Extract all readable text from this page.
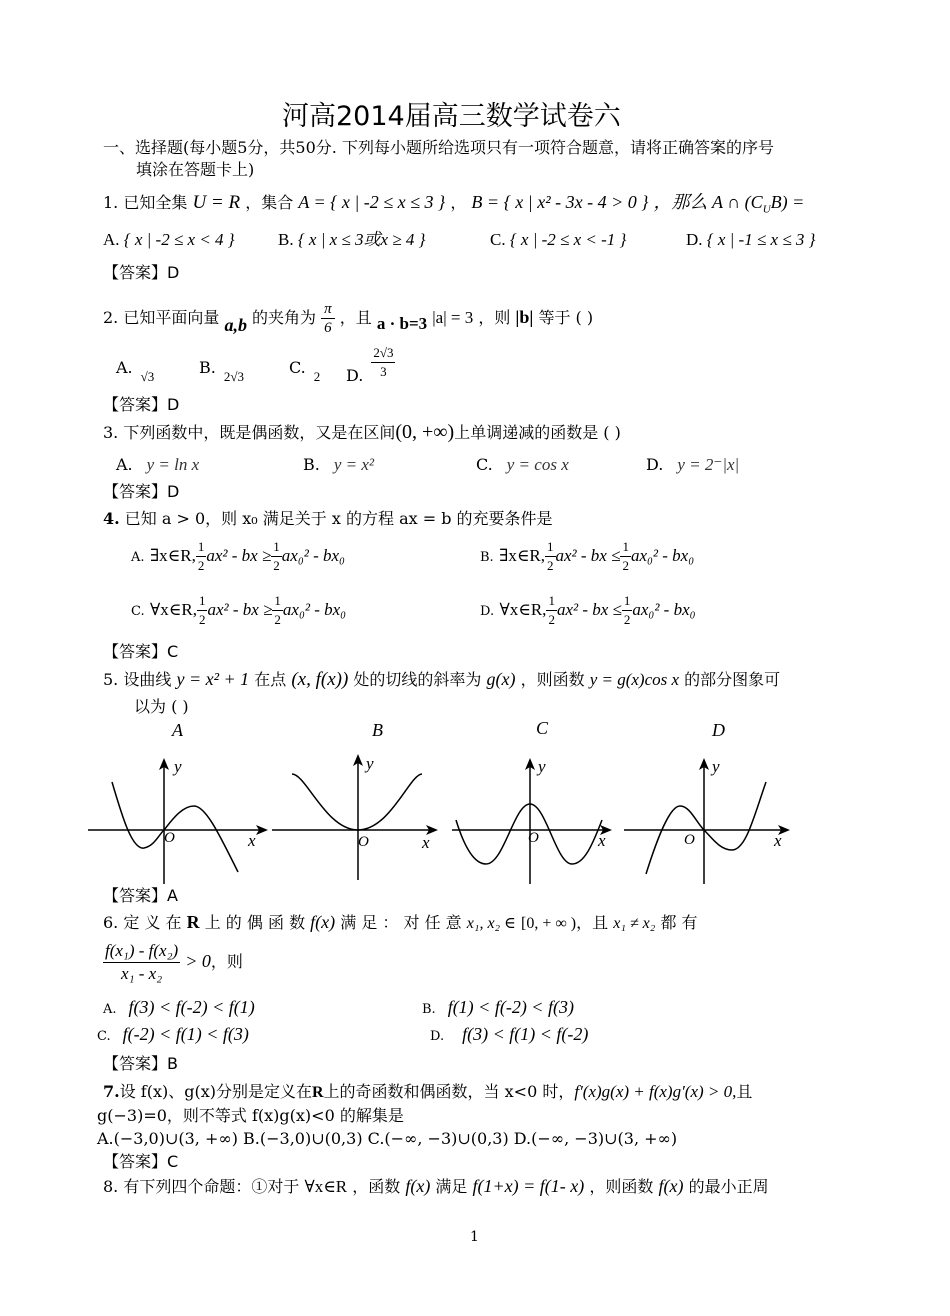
河高2014届高三数学试卷六
一、选择题(每小题5分，共50分. 下列每小题所给选项只有一项符合题意，请将正确答案的序号
填涂在答题卡上)
1. 已知全集 U = R ，集合 A = { x | -2 ≤ x ≤ 3 } ， B = { x | x² - 3x - 4 > 0 } ，那么 A ∩ $(C_UB)$ =
A. { x | -2 ≤ x < 4 }	B. { x | x ≤ 3或x ≥ 4 }	C. { x | -2 ≤ x < -1 }	D. { x | -1 ≤ x ≤ 3 }
【答案】D
2. 已知平面向量 a,b 的夹角为 $\frac{\pi}{6}$ ，且 a · b=3 |a| = 3 ，则 |b| 等于 ( )
A. $_{√3}$	B. $_{2√3}$	C. $_2$ D. $\frac{2√3}{3}$
【答案】D
3. 下列函数中，既是偶函数，又是在区间(0, +∞)上单调递减的函数是 ( )
A. y = ln x	B. y = x²	C. y = cos x	D. y = 2⁻|x|
【答案】D
4. 已知 a > 0，则 x₀ 满足关于 x 的方程 ax = b 的充要条件是
A. ∃x∈R, $\frac{1}{2} ax^2$ - bx ≥ $\frac{1}{2} ax_0^2 - bx_0$	B. ∃x∈R, $\frac{1}{2} ax^2$ - bx ≤ $\frac{1}{2} ax_0^2 - bx_0$
C. ∀x∈R, $\frac{1}{2} ax^2$ - bx ≥ $\frac{1}{2} ax_0^2 - bx_0$	D. ∀x∈R, $\frac{1}{2} ax^2$ - bx ≤ $\frac{1}{2} ax_0^2 - bx_0$
【答案】C
5. 设曲线 y = x² + 1 在点 (x, f(x)) 处的切线的斜率为 g(x) ，则函数 y = g(x)cos x 的部分图象可
以为 ( )
A	B	C	D
y
O	x
y
O	x
y
O	x
y
O	x
【答案】A
6. 定 义 在 R 上 的 偶 函 数 f(x) 满 足 ： 对 任 意 x₁, x₂ ∈ [0, + ∞ )，且 x₁ ≠ x₂ 都 有
$\frac{\text{f(x₁) - f(x₂)}}{\text{x₁ - x₂}} > 0$，则
A. f(3) < f(-2) < f(1)	B. f(1) < f(-2) < f(3)
C. f(-2) < f(1) < f(3)	D. f(3) < f(1) < f(-2)
【答案】B
7.设 f(x)、g(x)分别是定义在R上的奇函数和偶函数，当 x<0 时，f′(x)g(x) + f(x)g′(x) > 0,且
g(−3)=0，则不等式 f(x)g(x)<0 的解集是
A.(−3,0)∪(3, +∞) B.(−3,0)∪(0,3) C.(−∞, −3)∪(0,3) D.(−∞, −3)∪(3, +∞)
【答案】C
8. 有下列四个命题：①对于 ∀x∈R ，函数 f(x) 满足 f(1+x) = f(1- x) ，则函数 f(x) 的最小正周
1
